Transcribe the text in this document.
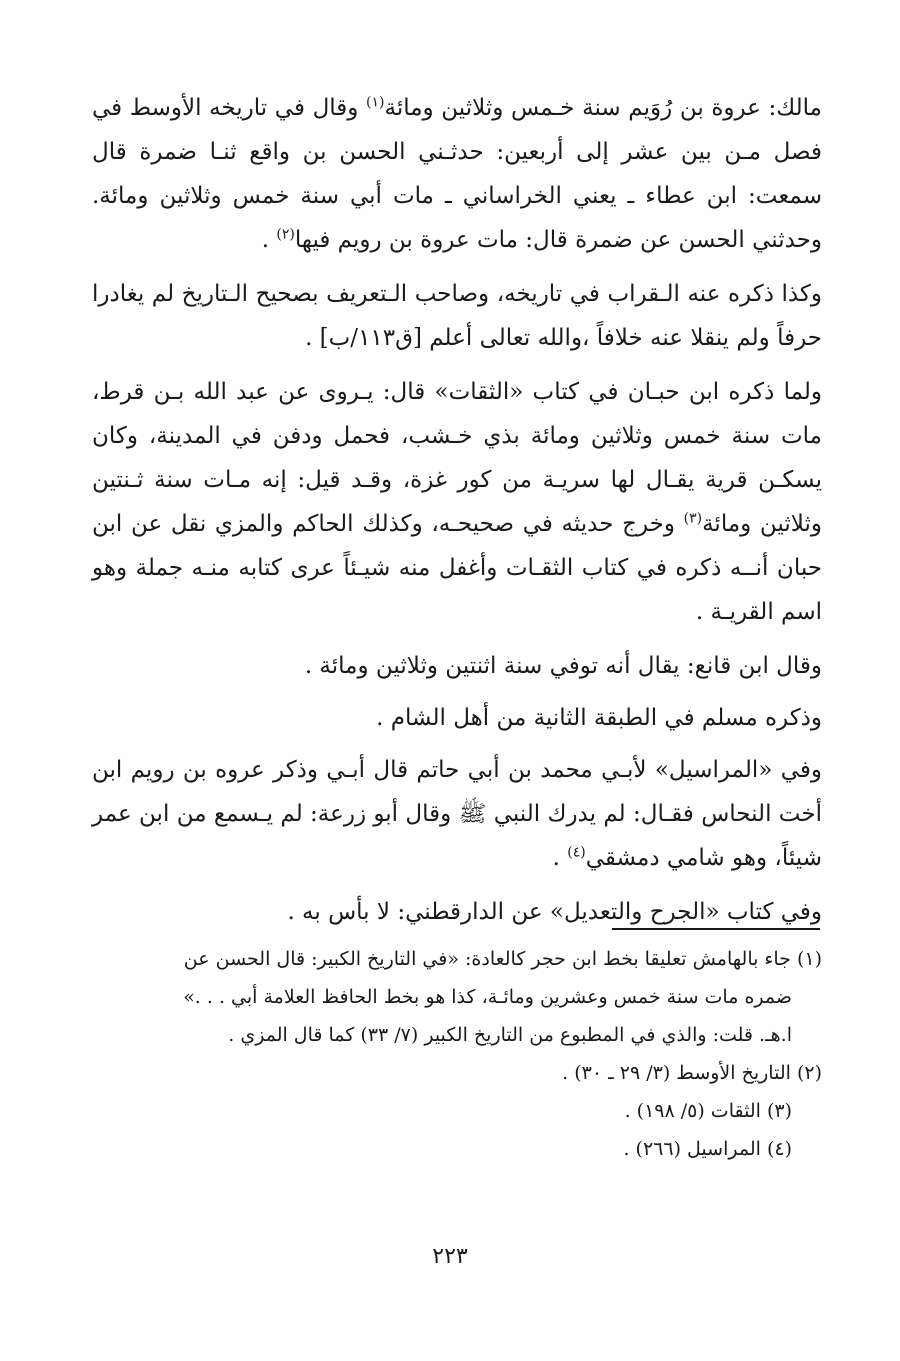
مالك: عروة بن رُوَيم سنة خـمس وثلاثين ومائة$^{(١)}$ وقال في تاريخه الأوسط في فصل مـن بين عشر إلى أربعين: حدثـني الحسن بن واقع ثنـا ضمرة قال سمعت: ابن عطاء ـ يعني الخراساني ـ مات أبي سنة خمس وثلاثين ومائة. وحدثني الحسن عن ضمرة قال: مات عروة بن رويم فيها$^{(٢)}$ .

وكذا ذكره عنه الـقراب في تاريخه، وصاحب الـتعريف بصحيح الـتاريخ لم يغادرا حرفاً ولم ينقلا عنه خلافاً ،والله تعالى أعلم [ق١١٣/ب] .

ولما ذكره ابن حبـان في كتاب «الثقات» قال: يـروى عن عبد الله بـن قرط، مات سنة خمس وثلاثين ومائة بذي خـشب، فحمل ودفن في المدينة، وكان يسكـن قرية يقـال لها سريـة من كور غزة، وقـد قيل: إنه مـات سنة ثـنتين وثلاثين ومائة$^{(٣)}$ وخرج حديثه في صحيحـه، وكذلك الحاكم والمزي نقل عن ابن حبان أنــه ذكره في كتاب الثقـات وأغفل منه شيـئاً عرى كتابه منـه جملة وهو اسم القريـة .

وقال ابن قانع: يقال أنه توفي سنة اثنتين وثلاثين ومائة .

وذكره مسلم في الطبقة الثانية من أهل الشام .

وفي «المراسيل» لأبـي محمد بن أبي حاتم قال أبـي وذكر عروه بن رويم ابن أخت النحاس فقـال: لم يدرك النبي ﷺ وقال أبو زرعة: لم يـسمع من ابن عمر شيئاً، وهو شامي دمشقي$^{(٤)}$ .

وفي كتاب «الجرح والتعديل» عن الدارقطني: لا بأس به .

(١) جاء بالهامش تعليقا بخط ابن حجر كالعادة: «في التاريخ الكبير: قال الحسن عن

ضمره مات سنة خمس وعشرين ومائـة، كذا هو بخط الحافظ العلامة أبي . . .»

ا.هـ. قلت: والذي في المطبوع من التاريخ الكبير (٧/ ٣٣) كما قال المزي .

(٢) التاريخ الأوسط (٣/ ٢٩ ـ ٣٠) .

(٣) الثقات (٥/ ١٩٨) .

(٤) المراسيل (٢٦٦) .

٢٢٣
